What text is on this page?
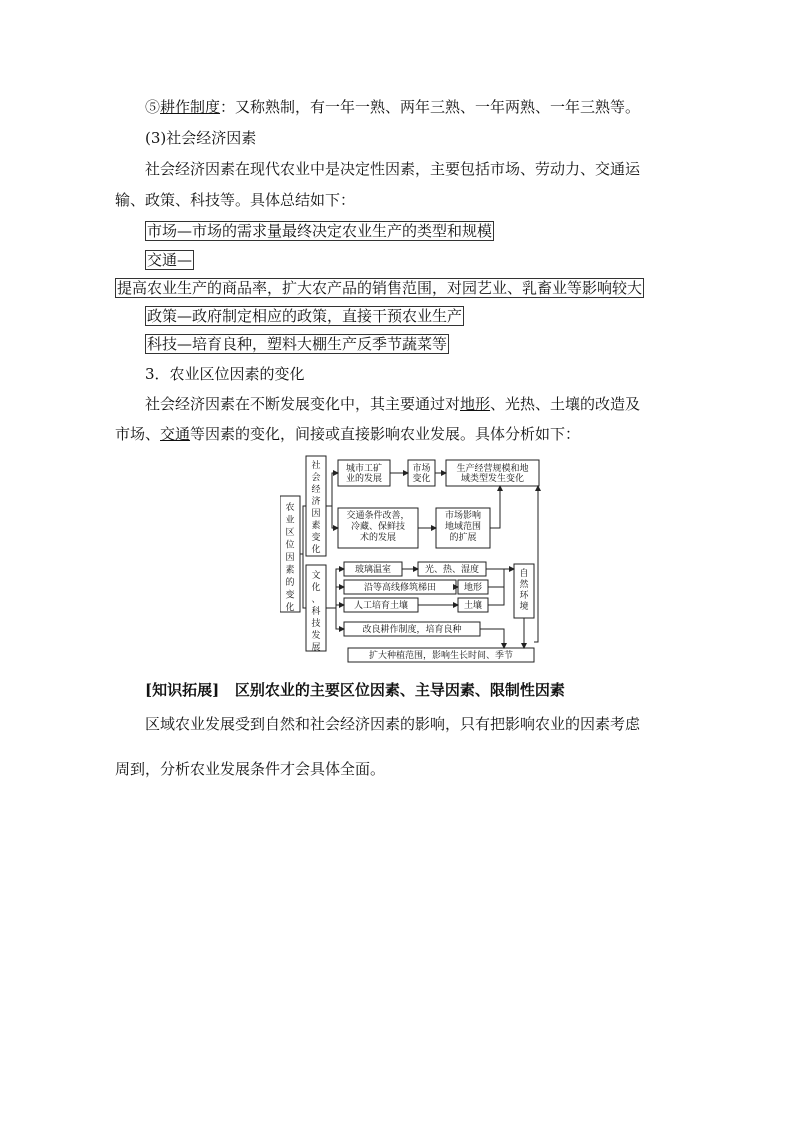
⑤耕作制度：又称熟制，有一年一熟、两年三熟、一年两熟、一年三熟等。
(3)社会经济因素
社会经济因素在现代农业中是决定性因素，主要包括市场、劳动力、交通运
输、政策、科技等。具体总结如下：
市场—市场的需求量最终决定农业生产的类型和规模
交通—
提高农业生产的商品率，扩大农产品的销售范围，对园艺业、乳畜业等影响较大
政策—政府制定相应的政策，直接干预农业生产
科技—培育良种，塑料大棚生产反季节蔬菜等
3．农业区位因素的变化
社会经济因素在不断发展变化中，其主要通过对地形、光热、土壤的改造及
市场、交通等因素的变化，间接或直接影响农业发展。具体分析如下：
农业区位因素的变化
社会经济因素变化
文化、科技发展
自然环境
城市工矿业的发展
市场变化
生产经营规模和地域类型发生变化
交通条件改善，冷藏、保鲜技术的发展
市场影响地域范围的扩展
玻璃温室	光、热、湿度
沿等高线修筑梯田	地形
人工培育土壤	土壤
改良耕作制度，培育良种
扩大种植范围，影响生长时间、季节
[知识拓展] 区别农业的主要区位因素、主导因素、限制性因素
区域农业发展受到自然和社会经济因素的影响，只有把影响农业的因素考虑
周到，分析农业发展条件才会具体全面。
